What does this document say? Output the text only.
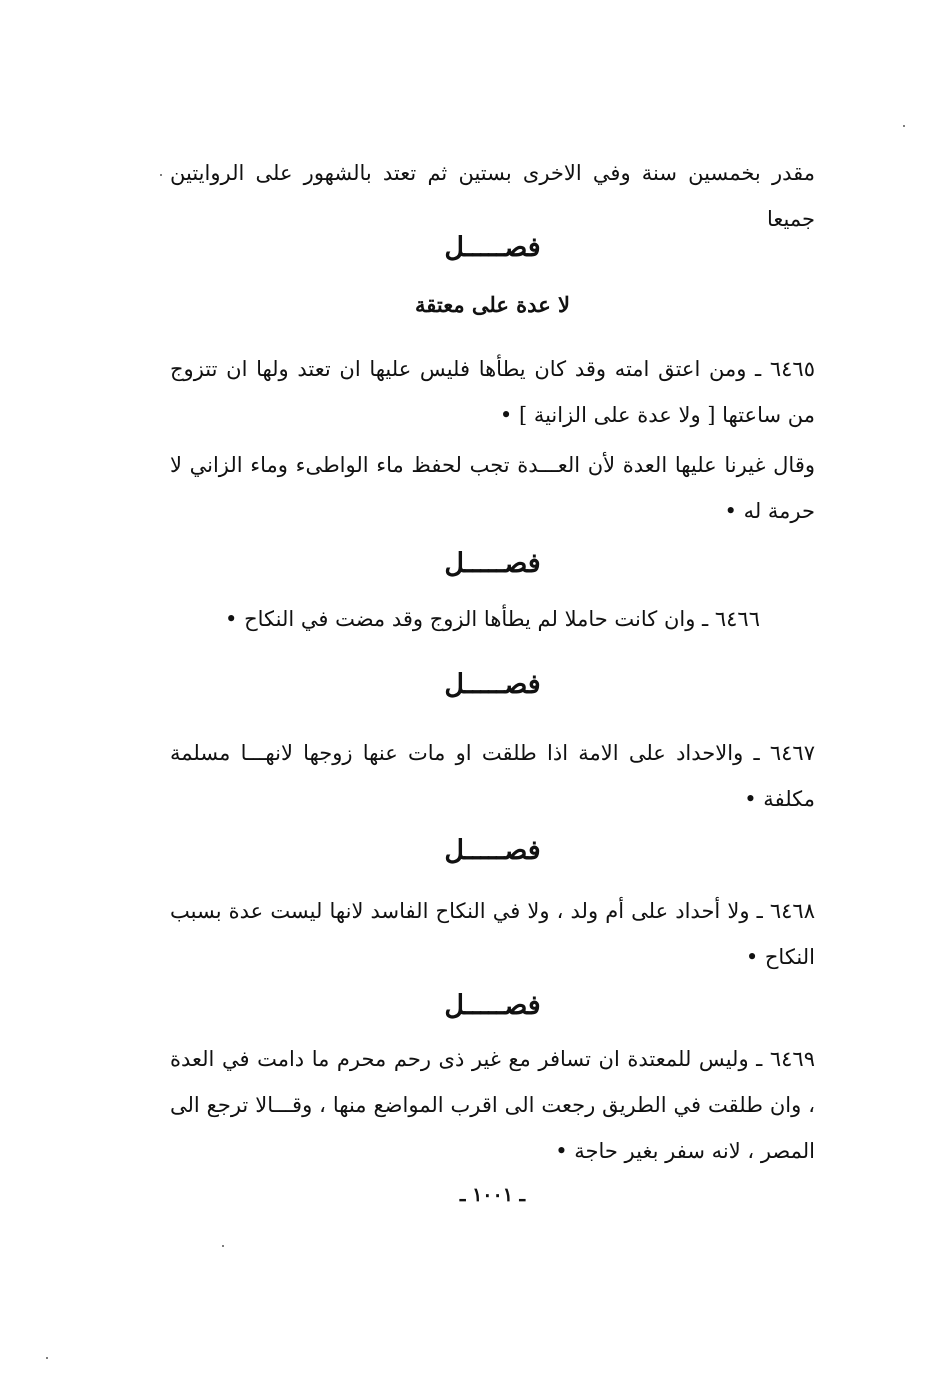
مقدر بخمسين سنة وفي الاخرى بستين ثم تعتد بالشهور على الروايتين جميعا
فصـــــل
لا عدة على معتقة
٦٤٦٥ ـ ومن اعتق امته وقد كان يطأها فليس عليها ان تعتد ولها ان تتزوج من ساعتها [ ولا عدة على الزانية ] •
وقال غيرنا عليها العدة لأن العـــدة تجب لحفظ ماء الواطىء وماء الزاني لا حرمة له •
فصـــــل
٦٤٦٦ ـ وان كانت حاملا لم يطأها الزوج وقد مضت في النكاح •
فصـــــل
٦٤٦٧ ـ والاحداد على الامة اذا طلقت او مات عنها زوجها لانهـــا مسلمة مكلفة •
فصـــــل
٦٤٦٨ ـ ولا أحداد على أم ولد ، ولا في النكاح الفاسد لانها ليست عدة بسبب النكاح •
فصـــــل
٦٤٦٩ ـ وليس للمعتدة ان تسافر مع غير ذى رحم محرم ما دامت في العدة ، وان طلقت في الطريق رجعت الى اقرب المواضع منها ، وقـــالا ترجع الى المصر ، لانه سفر بغير حاجة •
ـ ١٠٠١ ـ
